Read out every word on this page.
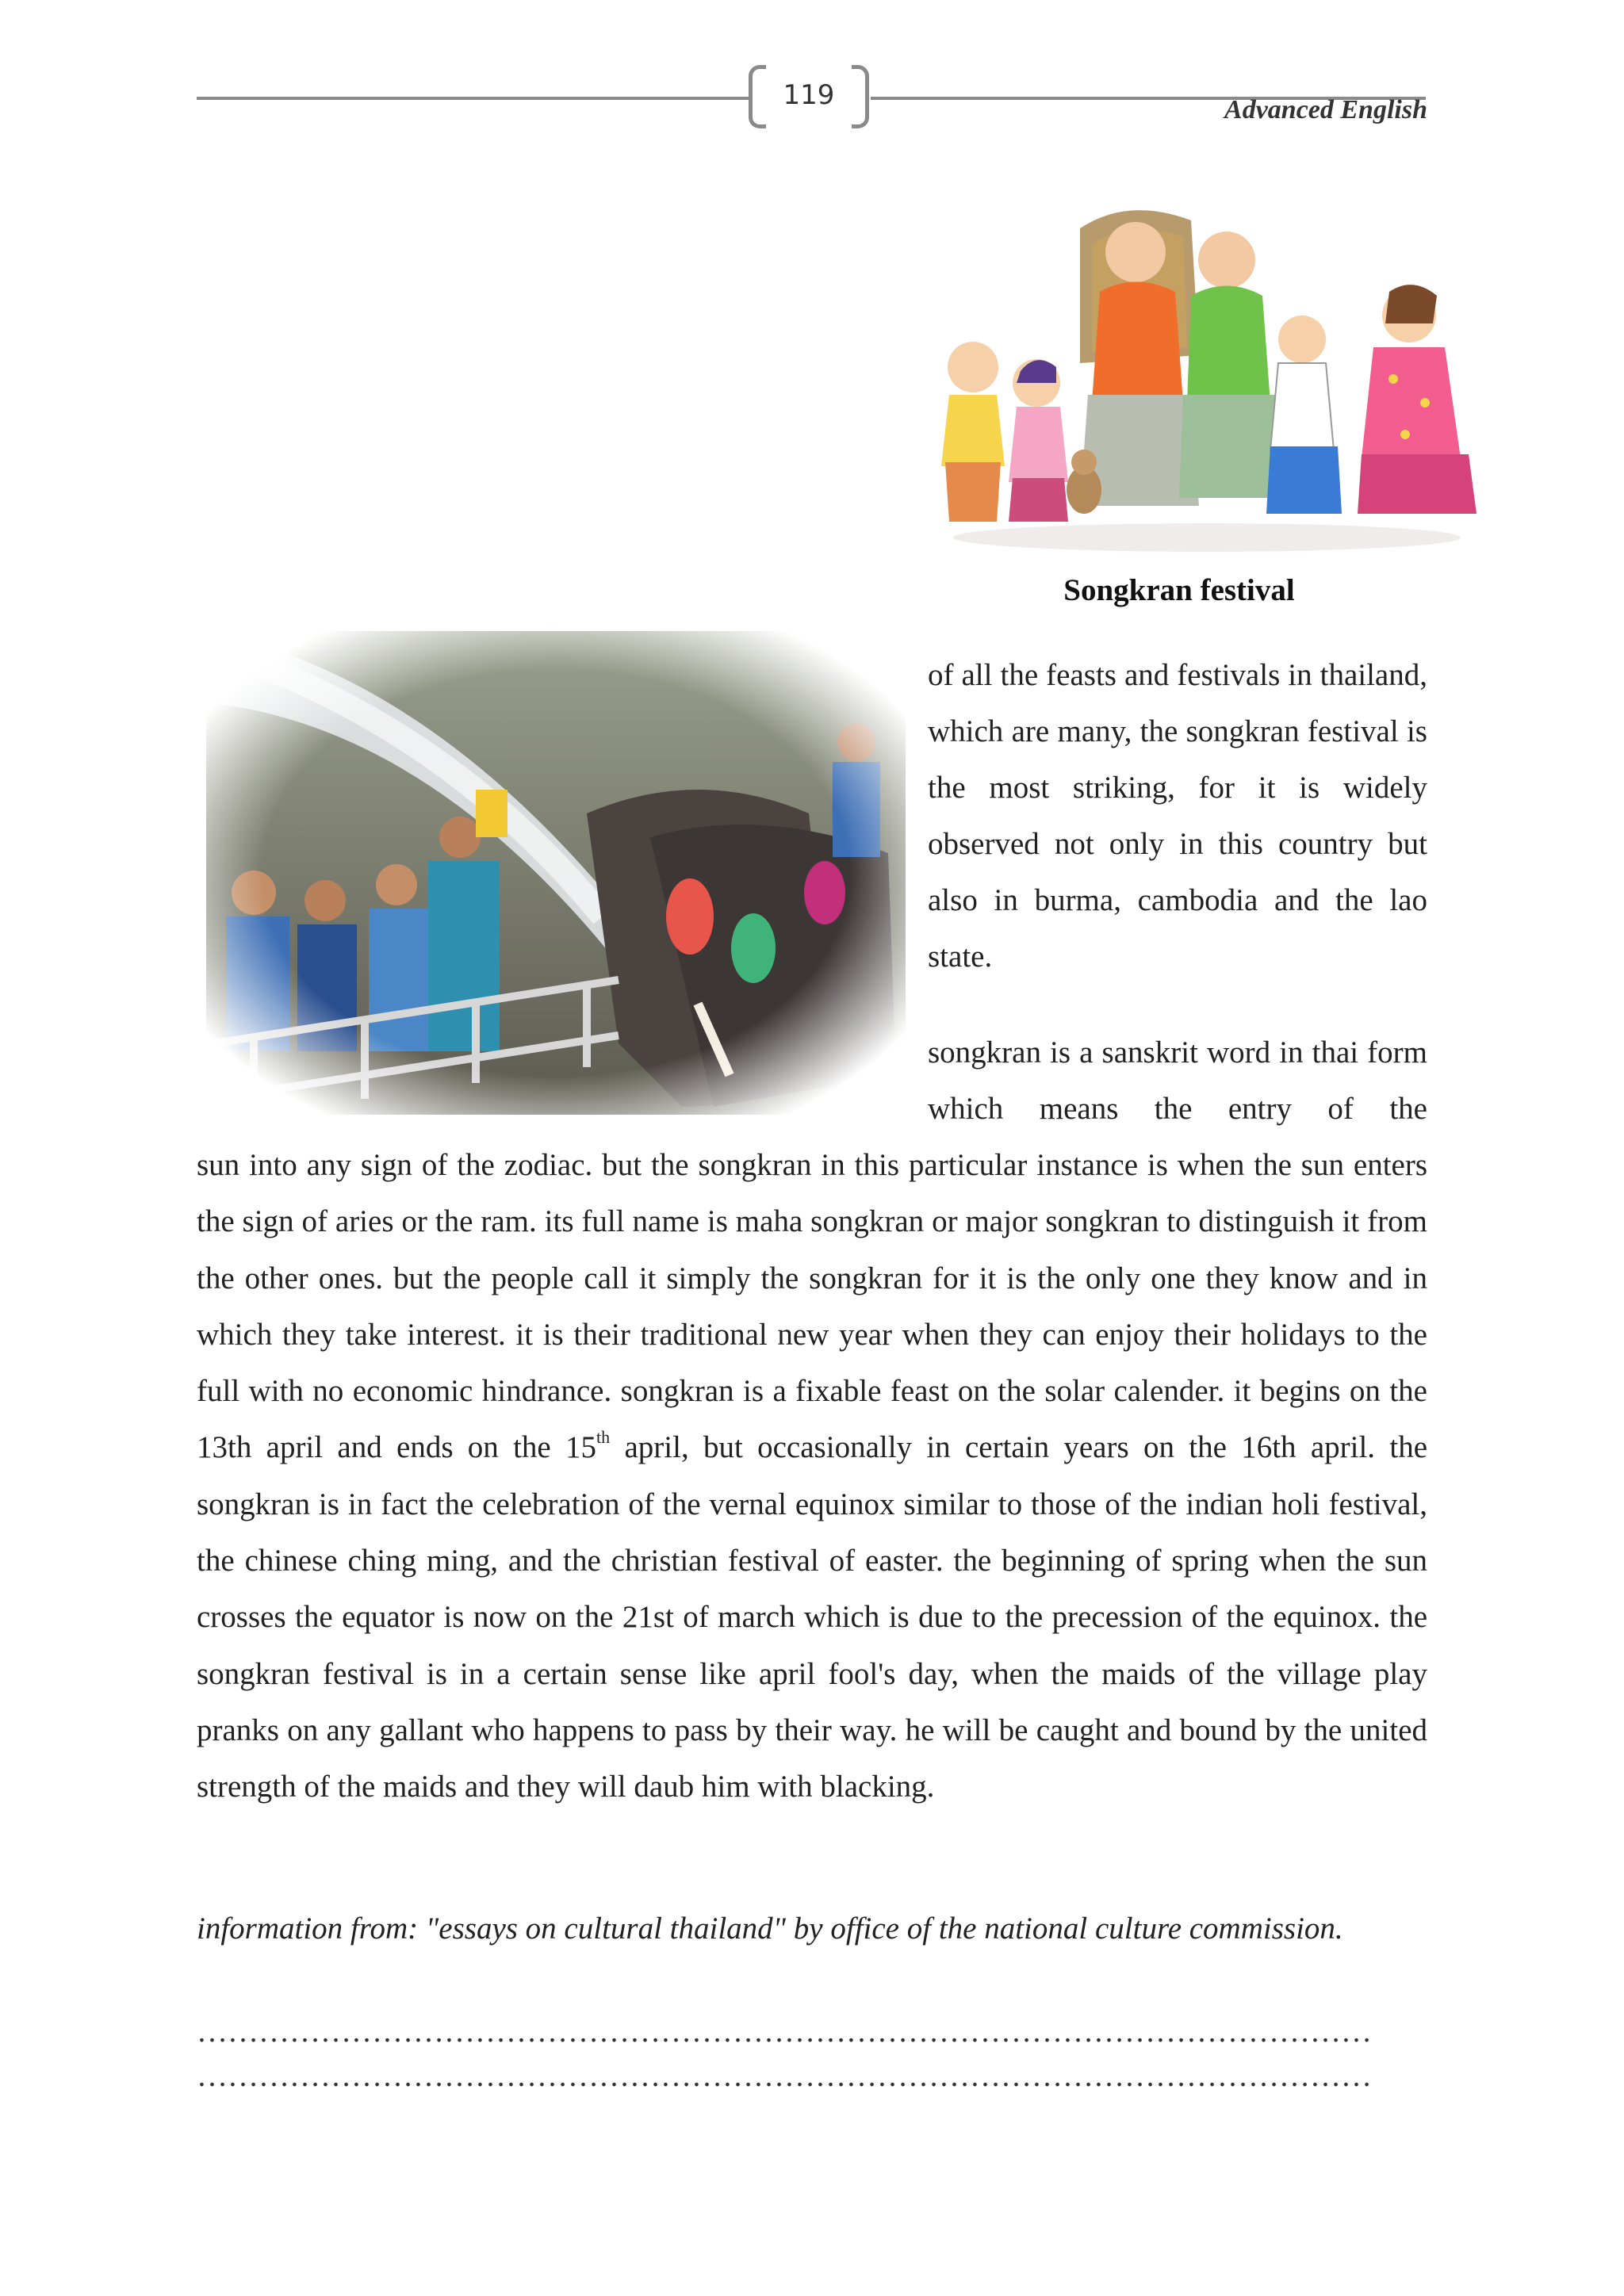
119	Advanced English
Songkran festival
of all the feasts and festivals in thailand, which are many, the songkran festival is the most striking, for it is widely observed not only in this country but also in burma, cambodia and the lao state.
songkran is a sanskrit word in thai form which means the entry of the
sun into any sign of the zodiac. but the songkran in this particular instance is when the sun enters the sign of aries or the ram. its full name is maha songkran or major songkran to distinguish it from the other ones. but the people call it simply the songkran for it is the only one they know and in which they take interest. it is their traditional new year when they can enjoy their holidays to the full with no economic hindrance. songkran is a fixable feast on the solar calender. it begins on the 13th april and ends on the 15th april, but occasionally in certain years on the 16th april. the songkran is in fact the celebration of the vernal equinox similar to those of the indian holi festival, the chinese ching ming, and the christian festival of easter. the beginning of spring when the sun crosses the equator is now on the 21st of march which is due to the precession of the equinox. the songkran festival is in a certain sense like april fool's day, when the maids of the village play pranks on any gallant who happens to pass by their way. he will be caught and bound by the united strength of the maids and they will daub him with blacking.
information from: "essays on cultural thailand" by office of the national culture commission.
……………………………………………………………………………………………………
……………………………………………………………………………………………………
